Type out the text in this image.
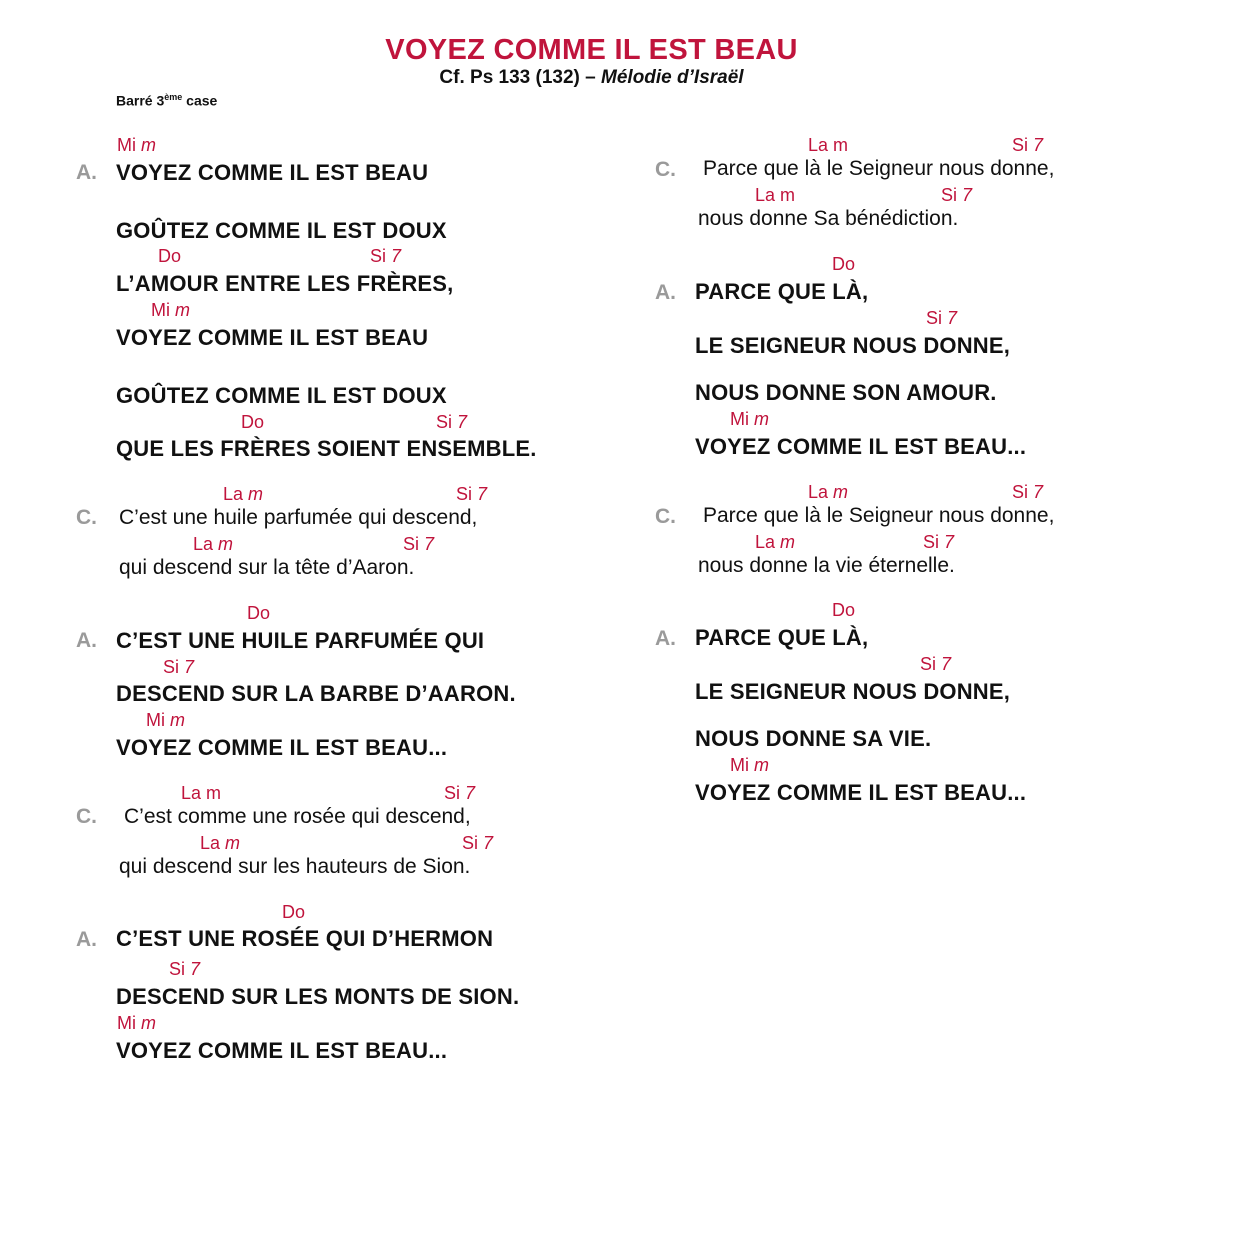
VOYEZ COMME IL EST BEAU
Cf. Ps 133 (132) – Mélodie d’Israël
Barré 3ème case
Mi m
A. VOYEZ COMME IL EST BEAU
GOÛTEZ COMME IL EST DOUX
Do	Si 7
L’AMOUR ENTRE LES FRÈRES,
Mi m
VOYEZ COMME IL EST BEAU
GOÛTEZ COMME IL EST DOUX
Do	Si 7
QUE LES FRÈRES SOIENT ENSEMBLE.
La m	Si 7
C. C’est une huile parfumée qui descend,
La m	Si 7
qui descend sur la tête d’Aaron.
Do
A. C’EST UNE HUILE PARFUMÉE QUI
Si 7
DESCEND SUR LA BARBE D’AARON.
Mi m
VOYEZ COMME IL EST BEAU...
La m	Si 7
C. C’est comme une rosée qui descend,
La m	Si 7
qui descend sur les hauteurs de Sion.
Do
A. C’EST UNE ROSÉE QUI D’HERMON
Si 7
DESCEND SUR LES MONTS DE SION.
Mi m
VOYEZ COMME IL EST BEAU...
La m	Si 7
C. Parce que là le Seigneur nous donne,
La m	Si 7
nous donne Sa bénédiction.
Do
A. PARCE QUE LÀ,
Si 7
LE SEIGNEUR NOUS DONNE,
NOUS DONNE SON AMOUR.
Mi m
VOYEZ COMME IL EST BEAU...
La m	Si 7
C. Parce que là le Seigneur nous donne,
La m	Si 7
nous donne la vie éternelle.
Do
A. PARCE QUE LÀ,
Si 7
LE SEIGNEUR NOUS DONNE,
NOUS DONNE SA VIE.
Mi m
VOYEZ COMME IL EST BEAU...
